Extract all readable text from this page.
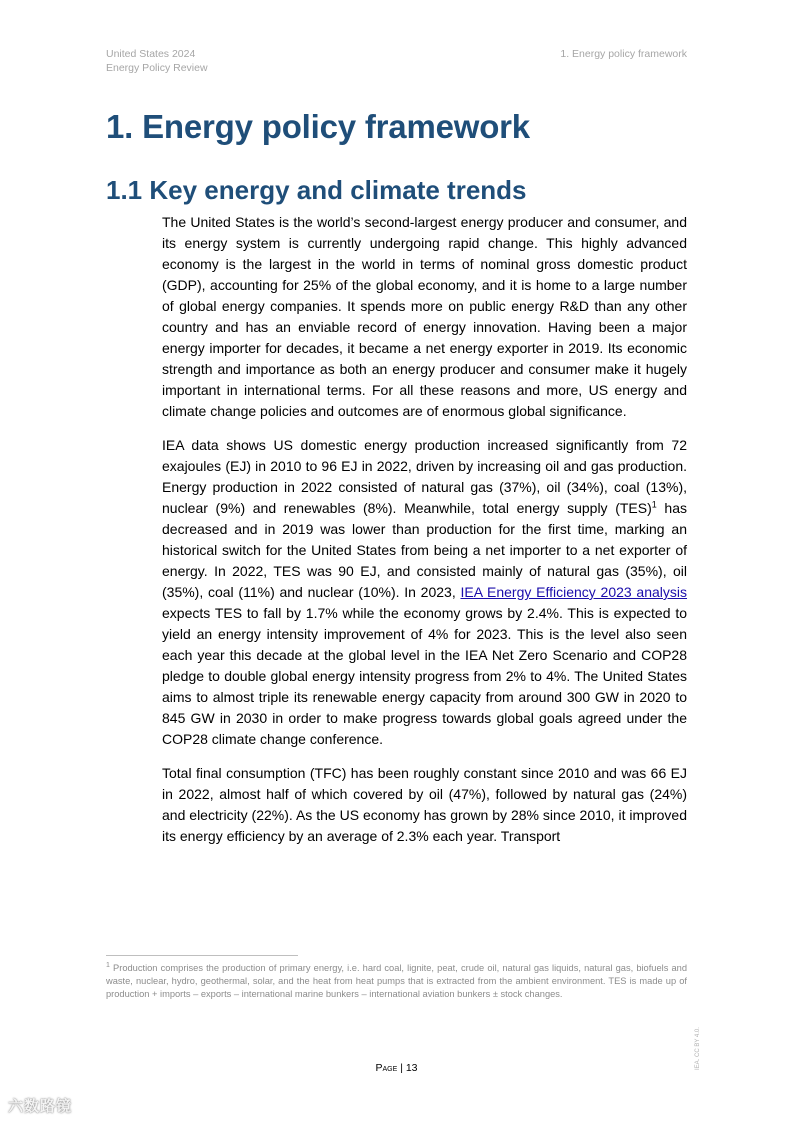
United States 2024
Energy Policy Review
1. Energy policy framework
1. Energy policy framework
1.1 Key energy and climate trends

The United States is the world’s second-largest energy producer and consumer, and its energy system is currently undergoing rapid change. This highly advanced economy is the largest in the world in terms of nominal gross domestic product (GDP), accounting for 25% of the global economy, and it is home to a large number of global energy companies. It spends more on public energy R&D than any other country and has an enviable record of energy innovation. Having been a major energy importer for decades, it became a net energy exporter in 2019. Its economic strength and importance as both an energy producer and consumer make it hugely important in international terms. For all these reasons and more, US energy and climate change policies and outcomes are of enormous global significance.

IEA data shows US domestic energy production increased significantly from 72 exajoules (EJ) in 2010 to 96 EJ in 2022, driven by increasing oil and gas production. Energy production in 2022 consisted of natural gas (37%), oil (34%), coal (13%), nuclear (9%) and renewables (8%). Meanwhile, total energy supply (TES)$^1$ has decreased and in 2019 was lower than production for the first time, marking an historical switch for the United States from being a net importer to a net exporter of energy. In 2022, TES was 90 EJ, and consisted mainly of natural gas (35%), oil (35%), coal (11%) and nuclear (10%). In 2023, IEA Energy Efficiency 2023 analysis expects TES to fall by 1.7% while the economy grows by 2.4%. This is expected to yield an energy intensity improvement of 4% for 2023. This is the level also seen each year this decade at the global level in the IEA Net Zero Scenario and COP28 pledge to double global energy intensity progress from 2% to 4%. The United States aims to almost triple its renewable energy capacity from around 300 GW in 2020 to 845 GW in 2030 in order to make progress towards global goals agreed under the COP28 climate change conference.

Total final consumption (TFC) has been roughly constant since 2010 and was 66 EJ in 2022, almost half of which covered by oil (47%), followed by natural gas (24%) and electricity (22%). As the US economy has grown by 28% since 2010, it improved its energy efficiency by an average of 2.3% each year. Transport

$^1$ Production comprises the production of primary energy, i.e. hard coal, lignite, peat, crude oil, natural gas liquids, natural gas, biofuels and waste, nuclear, hydro, geothermal, solar, and the heat from heat pumps that is extracted from the ambient environment. TES is made up of production + imports – exports – international marine bunkers – international aviation bunkers ± stock changes.
Page | 13	IEA. CC BY 4.0.
六数路镜
